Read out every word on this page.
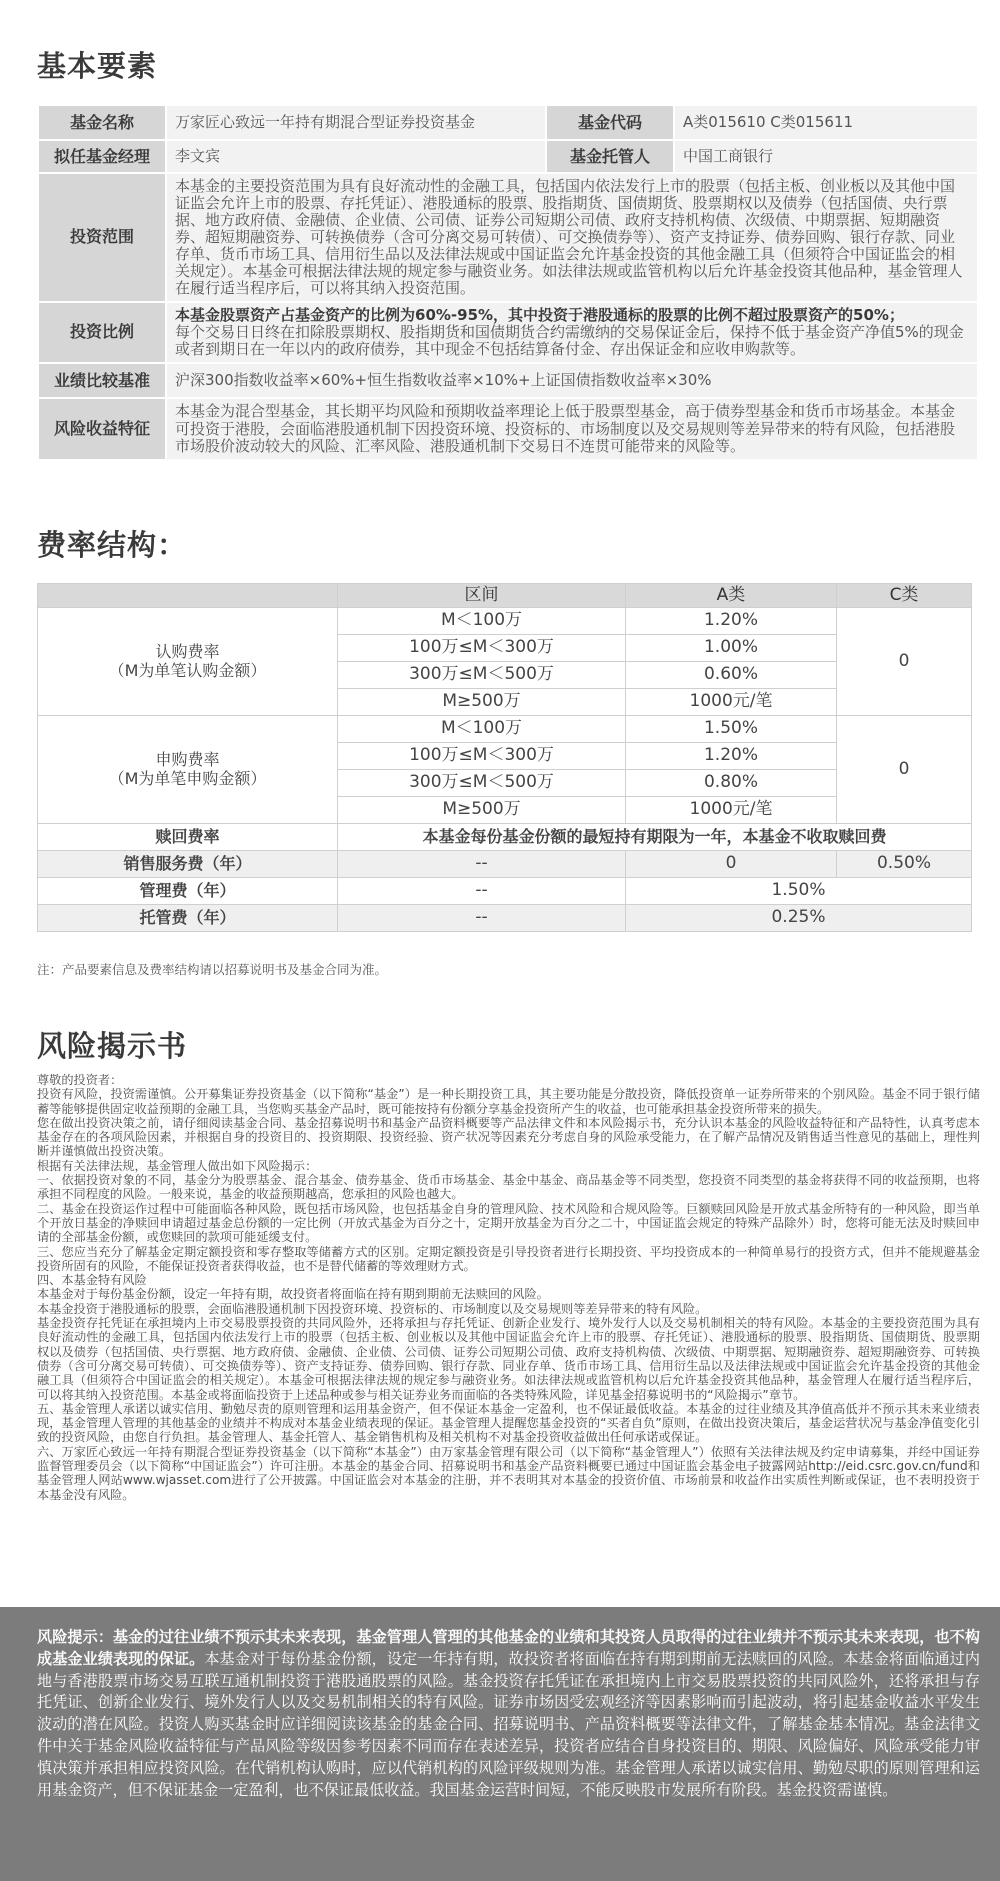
基本要素
基金名称	万家匠心致远一年持有期混合型证券投资基金	基金代码	A类015610 C类015611
拟任基金经理	李文宾	基金托管人	中国工商银行
投资范围	本基金的主要投资范围为具有良好流动性的金融工具，包括国内依法发行上市的股票（包括主板、创业板以及其他中国证监会允许上市的股票、存托凭证）、港股通标的股票、股指期货、国债期货、股票期权以及债券（包括国债、央行票据、地方政府债、金融债、企业债、公司债、证券公司短期公司债、政府支持机构债、次级债、中期票据、短期融资券、超短期融资券、可转换债券（含可分离交易可转债）、可交换债券等）、资产支持证券、债券回购、银行存款、同业存单、货币市场工具、信用衍生品以及法律法规或中国证监会允许基金投资的其他金融工具（但须符合中国证监会的相关规定）。本基金可根据法律法规的规定参与融资业务。如法律法规或监管机构以后允许基金投资其他品种，基金管理人在履行适当程序后，可以将其纳入投资范围。		
投资比例	本基金股票资产占基金资产的比例为60%-95%，其中投资于港股通标的股票的比例不超过股票资产的50%；

每个交易日日终在扣除股票期权、股指期货和国债期货合约需缴纳的交易保证金后，保持不低于基金资产净值5%的现金或者到期日在一年以内的政府债券，其中现金不包括结算备付金、存出保证金和应收申购款等。		

业绩比较基准	沪深300指数收益率×60%+恒生指数收益率×10%+上证国债指数收益率×30%		
风险收益特征	本基金为混合型基金，其长期平均风险和预期收益率理论上低于股票型基金，高于债券型基金和货币市场基金。本基金可投资于港股，会面临港股通机制下因投资环境、投资标的、市场制度以及交易规则等差异带来的特有风险，包括港股市场股价波动较大的风险、汇率风险、港股通机制下交易日不连贯可能带来的风险等。		
费率结构：
	区间	A类	C类

认购费率
（M为单笔认购金额）	M＜100万	1.20%	0
	100万≤M＜300万	1.00%	
	300万≤M＜500万	0.60%	
	M≥500万	1000元/笔	

申购费率
（M为单笔申购金额）	M＜100万	1.50%	0
	100万≤M＜300万	1.20%	
	300万≤M＜500万	0.80%	
	M≥500万	1000元/笔	
赎回费率	本基金每份基金份额的最短持有期限为一年，本基金不收取赎回费		
销售服务费（年）	--	0	0.50%
管理费（年）	--	1.50%	
托管费（年）	--	0.25%	
注：产品要素信息及费率结构请以招募说明书及基金合同为准。
风险揭示书

尊敬的投资者：

投资有风险，投资需谨慎。公开募集证券投资基金（以下简称“基金”）是一种长期投资工具，其主要功能是分散投资，降低投资单一证券所带来的个别风险。基金不同于银行储蓄等能够提供固定收益预期的金融工具，当您购买基金产品时，既可能按持有份额分享基金投资所产生的收益，也可能承担基金投资所带来的损失。

您在做出投资决策之前，请仔细阅读基金合同、基金招募说明书和基金产品资料概要等产品法律文件和本风险揭示书，充分认识本基金的风险收益特征和产品特性，认真考虑本基金存在的各项风险因素，并根据自身的投资目的、投资期限、投资经验、资产状况等因素充分考虑自身的风险承受能力，在了解产品情况及销售适当性意见的基础上，理性判断并谨慎做出投资决策。

根据有关法律法规，基金管理人做出如下风险揭示：

一、依据投资对象的不同，基金分为股票基金、混合基金、债券基金、货币市场基金、基金中基金、商品基金等不同类型，您投资不同类型的基金将获得不同的收益预期，也将承担不同程度的风险。一般来说，基金的收益预期越高，您承担的风险也越大。

二、基金在投资运作过程中可能面临各种风险，既包括市场风险，也包括基金自身的管理风险、技术风险和合规风险等。巨额赎回风险是开放式基金所特有的一种风险，即当单个开放日基金的净赎回申请超过基金总份额的一定比例（开放式基金为百分之十，定期开放基金为百分之二十，中国证监会规定的特殊产品除外）时，您将可能无法及时赎回申请的全部基金份额，或您赎回的款项可能延缓支付。

三、您应当充分了解基金定期定额投资和零存整取等储蓄方式的区别。定期定额投资是引导投资者进行长期投资、平均投资成本的一种简单易行的投资方式，但并不能规避基金投资所固有的风险，不能保证投资者获得收益，也不是替代储蓄的等效理财方式。

四、本基金特有风险

本基金对于每份基金份额，设定一年持有期，故投资者将面临在持有期到期前无法赎回的风险。

本基金投资于港股通标的股票，会面临港股通机制下因投资环境、投资标的、市场制度以及交易规则等差异带来的特有风险。

基金投资存托凭证在承担境内上市交易股票投资的共同风险外，还将承担与存托凭证、创新企业发行、境外发行人以及交易机制相关的特有风险。本基金的主要投资范围为具有良好流动性的金融工具，包括国内依法发行上市的股票（包括主板、创业板以及其他中国证监会允许上市的股票、存托凭证）、港股通标的股票、股指期货、国债期货、股票期权以及债券（包括国债、央行票据、地方政府债、金融债、企业债、公司债、证券公司短期公司债、政府支持机构债、次级债、中期票据、短期融资券、超短期融资券、可转换债券（含可分离交易可转债）、可交换债券等）、资产支持证券、债券回购、银行存款、同业存单、货币市场工具、信用衍生品以及法律法规或中国证监会允许基金投资的其他金融工具（但须符合中国证监会的相关规定）。本基金可根据法律法规的规定参与融资业务。如法律法规或监管机构以后允许基金投资其他品种，基金管理人在履行适当程序后，可以将其纳入投资范围。本基金或将面临投资于上述品种或参与相关证券业务而面临的各类特殊风险，详见基金招募说明书的“风险揭示”章节。

五、基金管理人承诺以诚实信用、勤勉尽责的原则管理和运用基金资产，但不保证本基金一定盈利，也不保证最低收益。本基金的过往业绩及其净值高低并不预示其未来业绩表现，基金管理人管理的其他基金的业绩并不构成对本基金业绩表现的保证。基金管理人提醒您基金投资的“买者自负”原则，在做出投资决策后，基金运营状况与基金净值变化引致的投资风险，由您自行负担。基金管理人、基金托管人、基金销售机构及相关机构不对基金投资收益做出任何承诺或保证。

六、万家匠心致远一年持有期混合型证券投资基金（以下简称“本基金”）由万家基金管理有限公司（以下简称“基金管理人”）依照有关法律法规及约定申请募集，并经中国证券监督管理委员会（以下简称“中国证监会”）许可注册。本基金的基金合同、招募说明书和基金产品资料概要已通过中国证监会基金电子披露网站http://eid.csrc.gov.cn/fund和基金管理人网站www.wjasset.com进行了公开披露。中国证监会对本基金的注册，并不表明其对本基金的投资价值、市场前景和收益作出实质性判断或保证，也不表明投资于本基金没有风险。

风险提示：基金的过往业绩不预示其未来表现，基金管理人管理的其他基金的业绩和其投资人员取得的过往业绩并不预示其未来表现，也不构成基金业绩表现的保证。本基金对于每份基金份额，设定一年持有期，故投资者将面临在持有期到期前无法赎回的风险。本基金将面临通过内地与香港股票市场交易互联互通机制投资于港股通股票的风险。基金投资存托凭证在承担境内上市交易股票投资的共同风险外，还将承担与存托凭证、创新企业发行、境外发行人以及交易机制相关的特有风险。证券市场因受宏观经济等因素影响而引起波动，将引起基金收益水平发生波动的潜在风险。投资人购买基金时应详细阅读该基金的基金合同、招募说明书、产品资料概要等法律文件，了解基金基本情况。基金法律文件中关于基金风险收益特征与产品风险等级因参考因素不同而存在表述差异，投资者应结合自身投资目的、期限、风险偏好、风险承受能力审慎决策并承担相应投资风险。在代销机构认购时，应以代销机构的风险评级规则为准。基金管理人承诺以诚实信用、勤勉尽职的原则管理和运用基金资产，但不保证基金一定盈利，也不保证最低收益。我国基金运营时间短，不能反映股市发展所有阶段。基金投资需谨慎。
